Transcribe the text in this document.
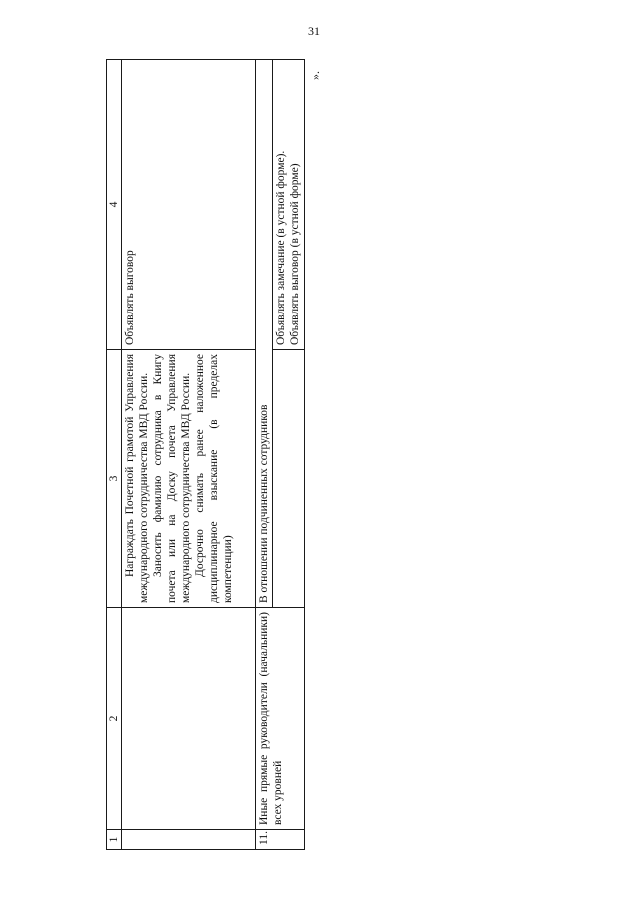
31
1	2	3	4

		Награждать Почетной грамотой Управления международного сотрудничества МВД России. Заносить фамилию сотрудника в Книгу почета или на Доску почета Управления международного сотрудничества МВД России. Досрочно снимать ранее наложенное дисциплинарное взыскание (в пределах компетенции)	Объявлять выговор
11.	Иные прямые руководители (начальники) всех уровней	В отношении подчиненных сотрудников	

			Объявлять замечание (в устной форме). Объявлять выговор (в устной форме)
».
